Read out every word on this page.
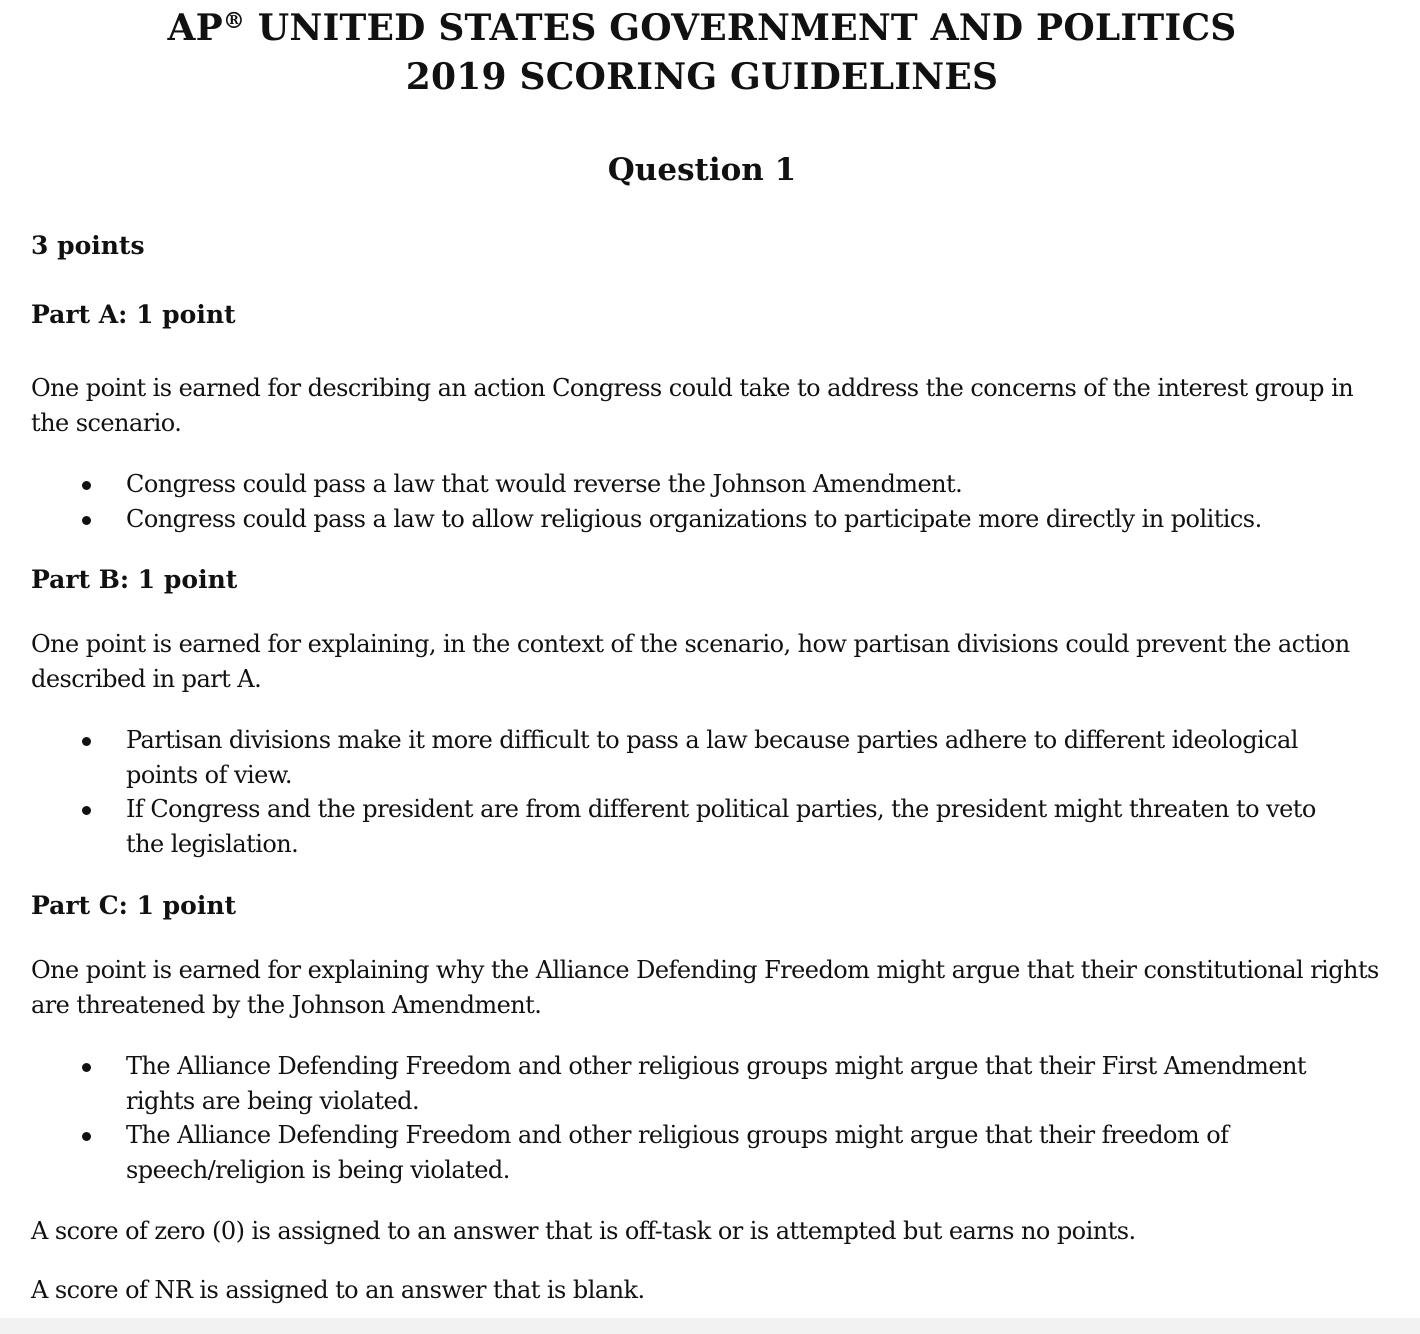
AP® UNITED STATES GOVERNMENT AND POLITICS
2019 SCORING GUIDELINES
Question 1
3 points
Part A: 1 point

One point is earned for describing an action Congress could take to address the concerns of the interest group in the scenario.

Congress could pass a law that would reverse the Johnson Amendment.
Congress could pass a law to allow religious organizations to participate more directly in politics.
Part B: 1 point

One point is earned for explaining, in the context of the scenario, how partisan divisions could prevent the action described in part A.

Partisan divisions make it more difficult to pass a law because parties adhere to different ideological points of view.
If Congress and the president are from different political parties, the president might threaten to veto the legislation.
Part C: 1 point

One point is earned for explaining why the Alliance Defending Freedom might argue that their constitutional rights are threatened by the Johnson Amendment.

The Alliance Defending Freedom and other religious groups might argue that their First Amendment rights are being violated.
The Alliance Defending Freedom and other religious groups might argue that their freedom of speech/religion is being violated.

A score of zero (0) is assigned to an answer that is off-task or is attempted but earns no points.

A score of NR is assigned to an answer that is blank.
